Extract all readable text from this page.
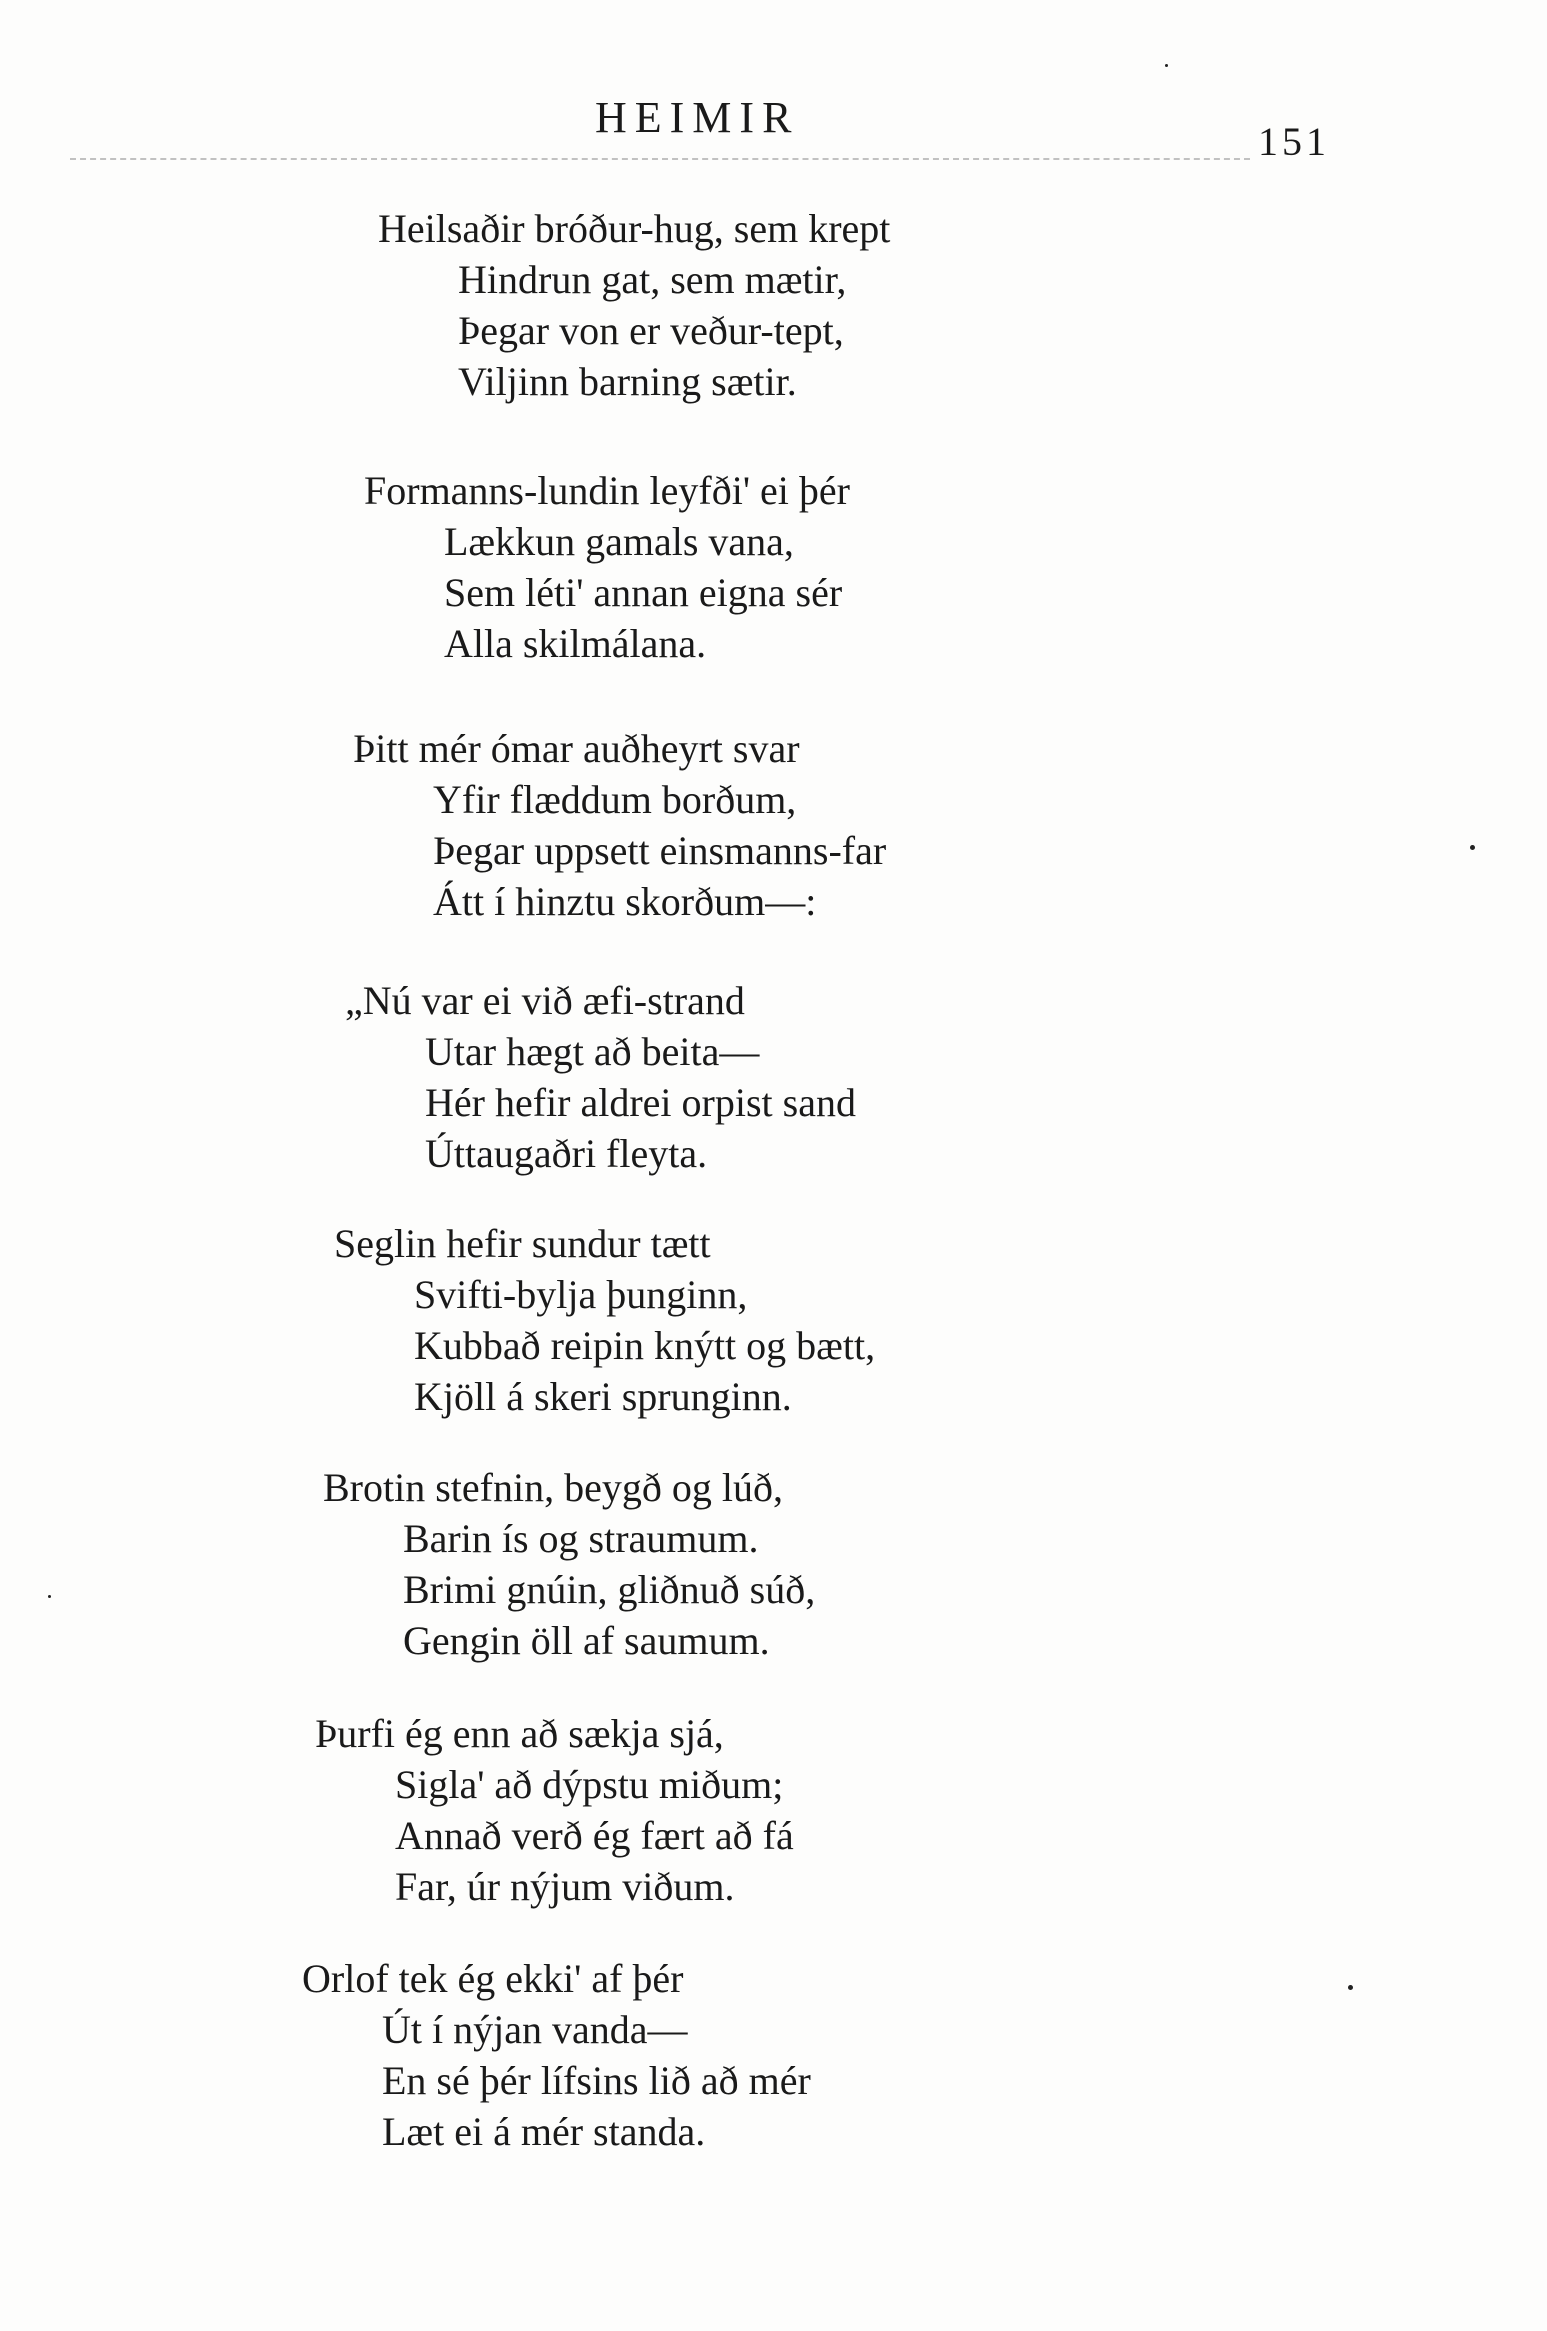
HEIMIR	151
Heilsaðir bróður-hug, sem krept
Hindrun gat, sem mætir,
Þegar von er veður-tept,
Viljinn barning sætir.
Formanns-lundin leyfði' ei þér
Lækkun gamals vana,
Sem léti' annan eigna sér
Alla skilmálana.
Þitt mér ómar auðheyrt svar
Yfir flæddum borðum,
Þegar uppsett einsmanns-far
Átt í hinztu skorðum—:
„Nú var ei við æfi-strand
Utar hægt að beita—
Hér hefir aldrei orpist sand
Úttaugaðri fleyta.
Seglin hefir sundur tætt
Svifti-bylja þunginn,
Kubbað reipin knýtt og bætt,
Kjöll á skeri sprunginn.
Brotin stefnin, beygð og lúð,
Barin ís og straumum.
Brimi gnúin, gliðnuð súð,
Gengin öll af saumum.
Þurfi ég enn að sækja sjá,
Sigla' að dýpstu miðum;
Annað verð ég fært að fá
Far, úr nýjum viðum.
Orlof tek ég ekki' af þér
Út í nýjan vanda—
En sé þér lífsins lið að mér
Læt ei á mér standa.
